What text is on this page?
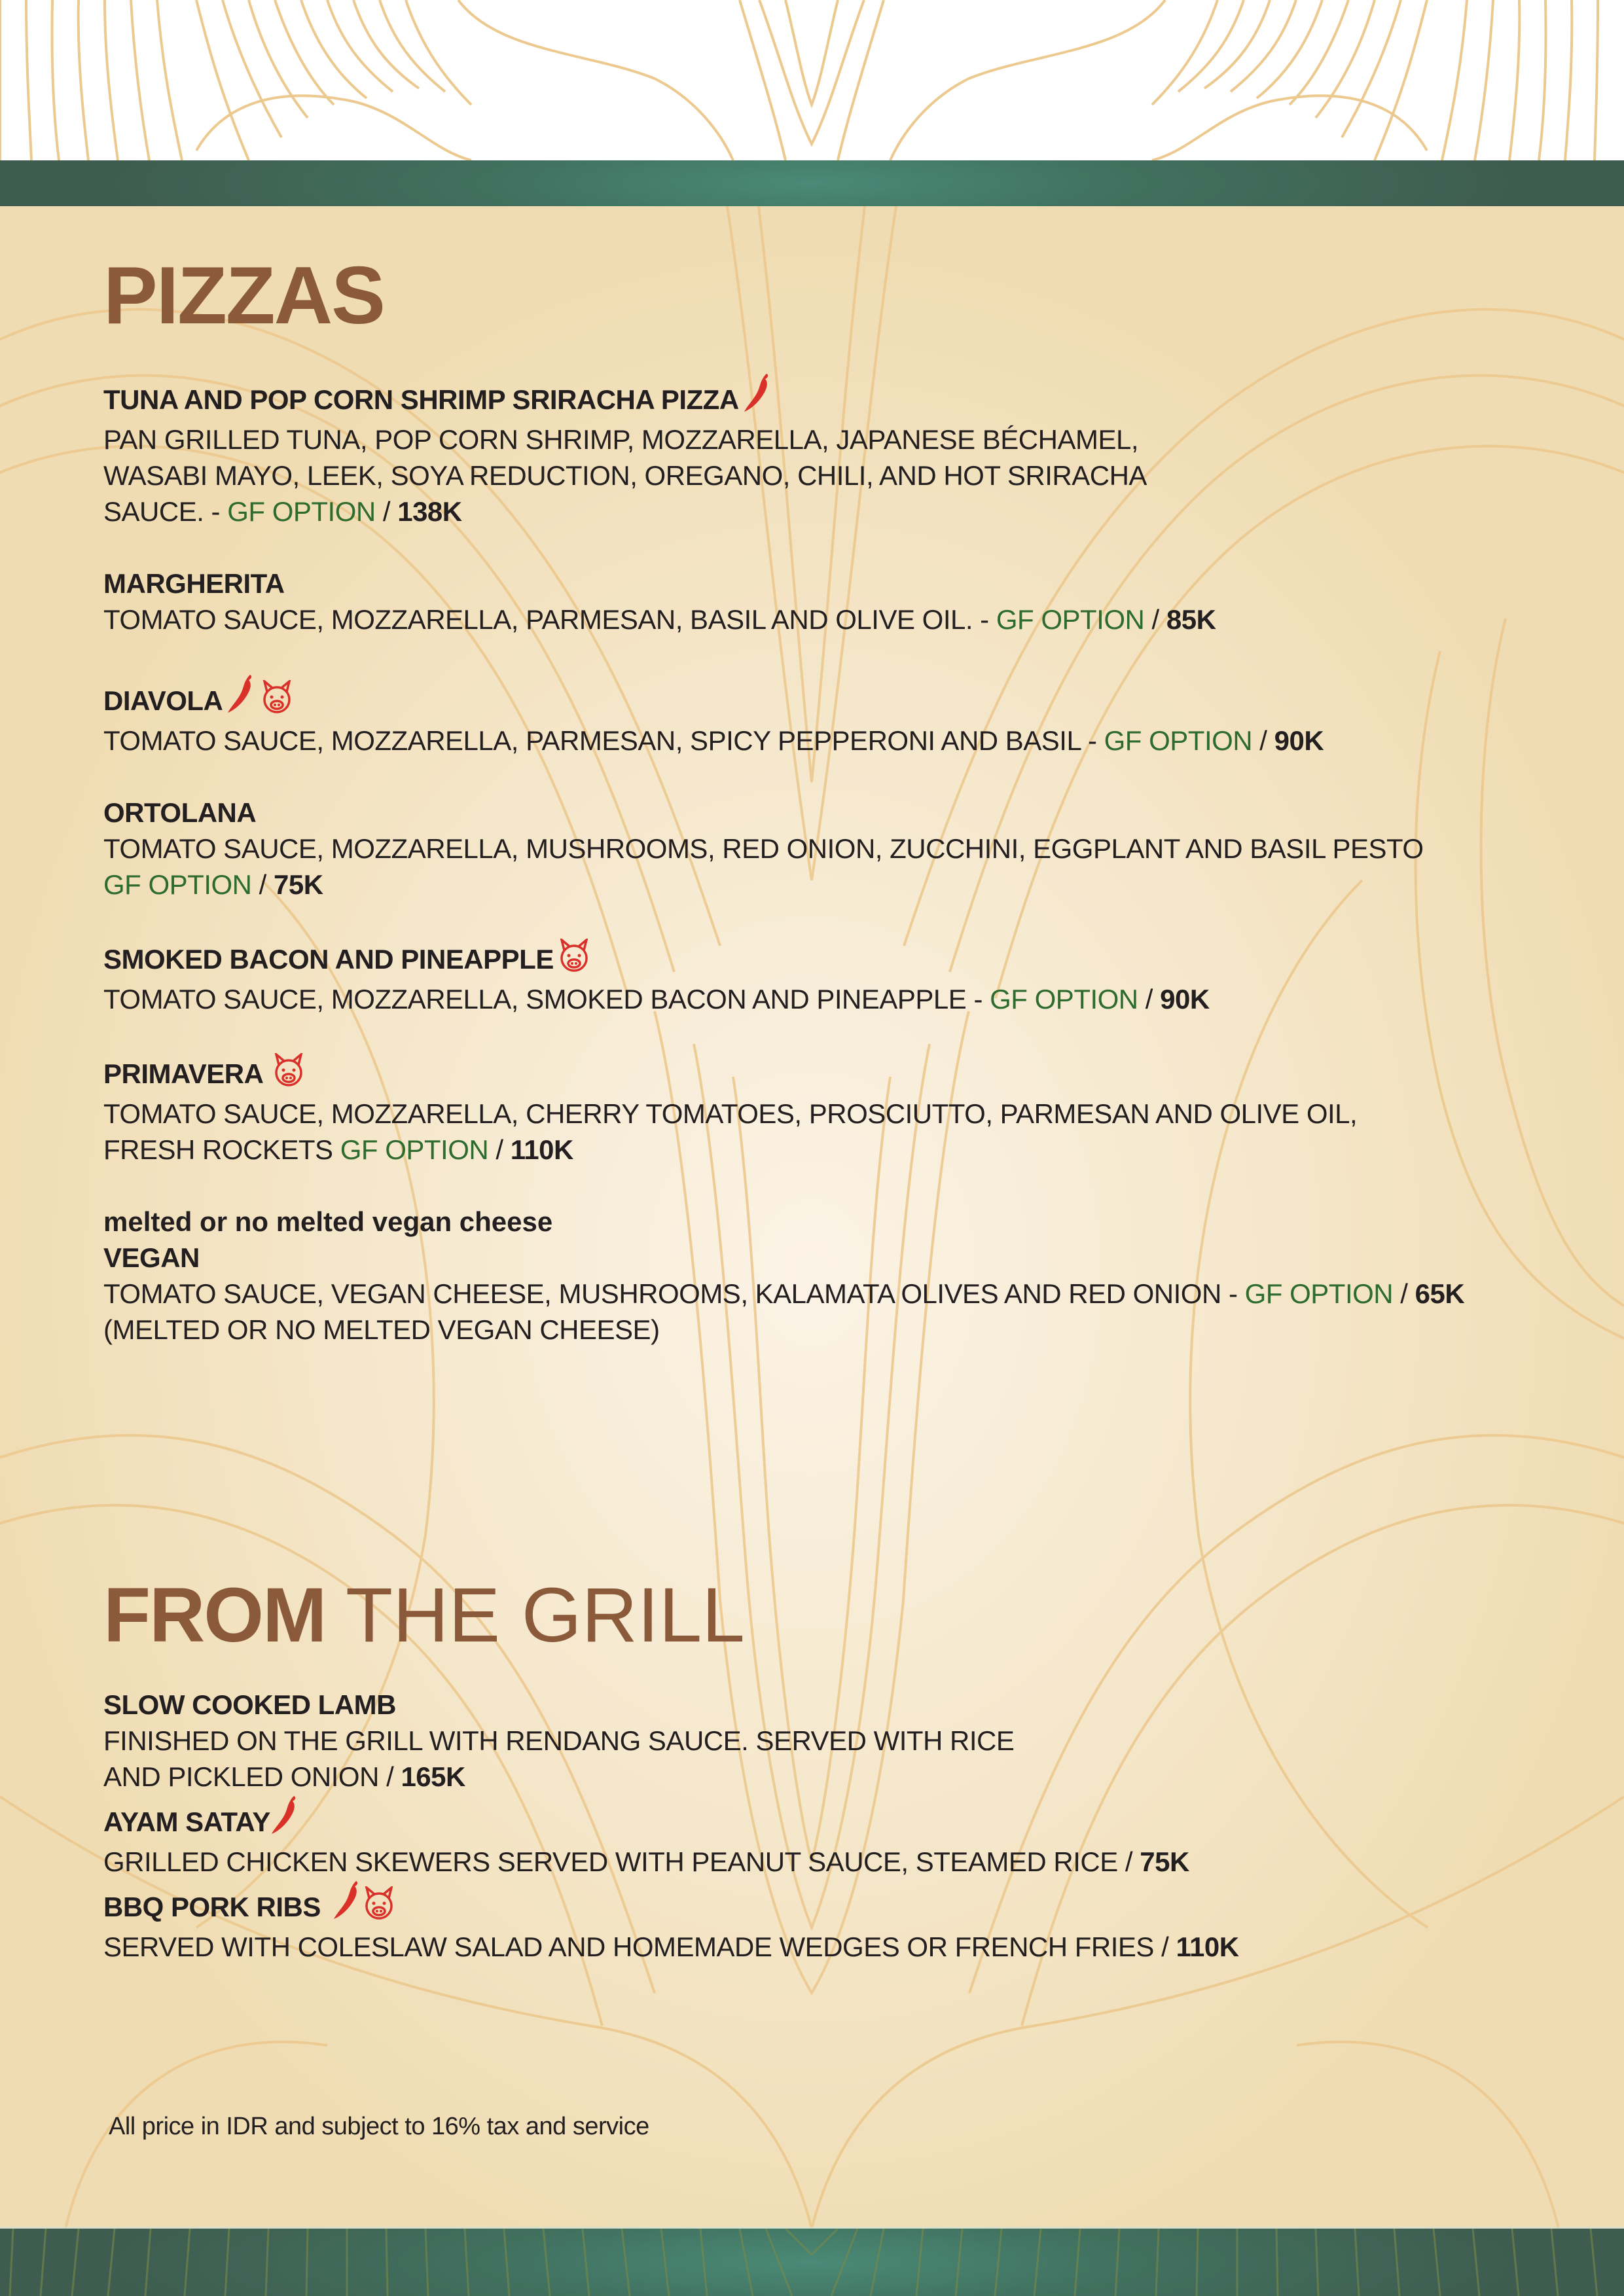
PIZZAS
TUNA AND POP CORN SHRIMP SRIRACHA PIZZA
PAN GRILLED TUNA, POP CORN SHRIMP, MOZZARELLA, JAPANESE BÉCHAMEL,
WASABI MAYO, LEEK, SOYA REDUCTION, OREGANO, CHILI, AND HOT SRIRACHA
SAUCE. - GF OPTION / 138K
MARGHERITA
TOMATO SAUCE, MOZZARELLA, PARMESAN, BASIL AND OLIVE OIL. - GF OPTION / 85K
DIAVOLA
TOMATO SAUCE, MOZZARELLA, PARMESAN, SPICY PEPPERONI AND BASIL - GF OPTION / 90K
ORTOLANA
TOMATO SAUCE, MOZZARELLA, MUSHROOMS, RED ONION, ZUCCHINI, EGGPLANT AND BASIL PESTO
GF OPTION / 75K
SMOKED BACON AND PINEAPPLE
TOMATO SAUCE, MOZZARELLA, SMOKED BACON AND PINEAPPLE - GF OPTION / 90K
PRIMAVERA
TOMATO SAUCE, MOZZARELLA, CHERRY TOMATOES, PROSCIUTTO, PARMESAN AND OLIVE OIL,
FRESH ROCKETS GF OPTION / 110K
melted or no melted vegan cheese
VEGAN
TOMATO SAUCE, VEGAN CHEESE, MUSHROOMS, KALAMATA OLIVES AND RED ONION - GF OPTION / 65K
(MELTED OR NO MELTED VEGAN CHEESE)
FROM THE GRILL
SLOW COOKED LAMB
FINISHED ON THE GRILL WITH RENDANG SAUCE. SERVED WITH RICE
AND PICKLED ONION / 165K
AYAM SATAY
GRILLED CHICKEN SKEWERS SERVED WITH PEANUT SAUCE, STEAMED RICE / 75K
BBQ PORK RIBS
SERVED WITH COLESLAW SALAD AND HOMEMADE WEDGES OR FRENCH FRIES / 110K
All price in IDR and subject to 16% tax and service
